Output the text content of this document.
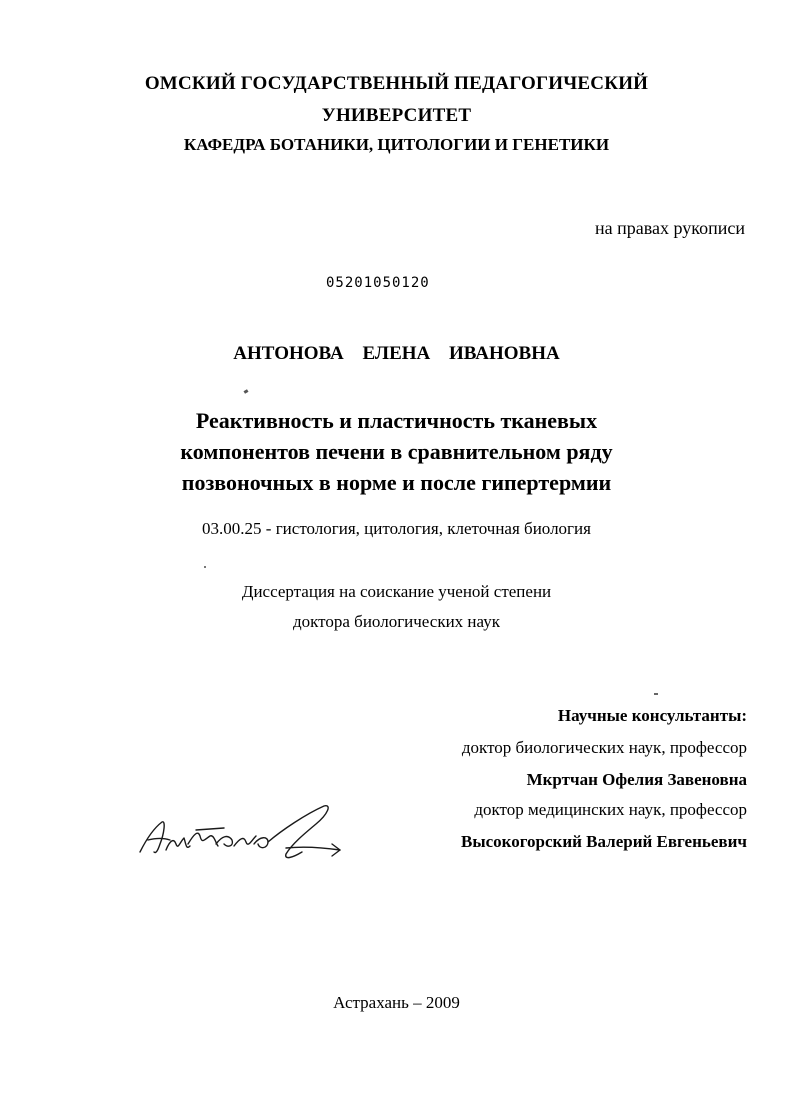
ОМСКИЙ ГОСУДАРСТВЕННЫЙ ПЕДАГОГИЧЕСКИЙ
УНИВЕРСИТЕТ
КАФЕДРА БОТАНИКИ, ЦИТОЛОГИИ И ГЕНЕТИКИ
на правах рукописи
05201050120
АНТОНОВА ЕЛЕНА ИВАНОВНА
Реактивность и пластичность тканевых
компонентов печени в сравнительном ряду
позвоночных в норме и после гипертермии
03.00.25 - гистология, цитология, клеточная биология
Диссертация на соискание ученой степени
доктора биологических наук
Научные консультанты:
доктор биологических наук, профессор
Мкртчан Офелия Завеновна
доктор медицинских наук, профессор
Высокогорский Валерий Евгеньевич
Астрахань – 2009
